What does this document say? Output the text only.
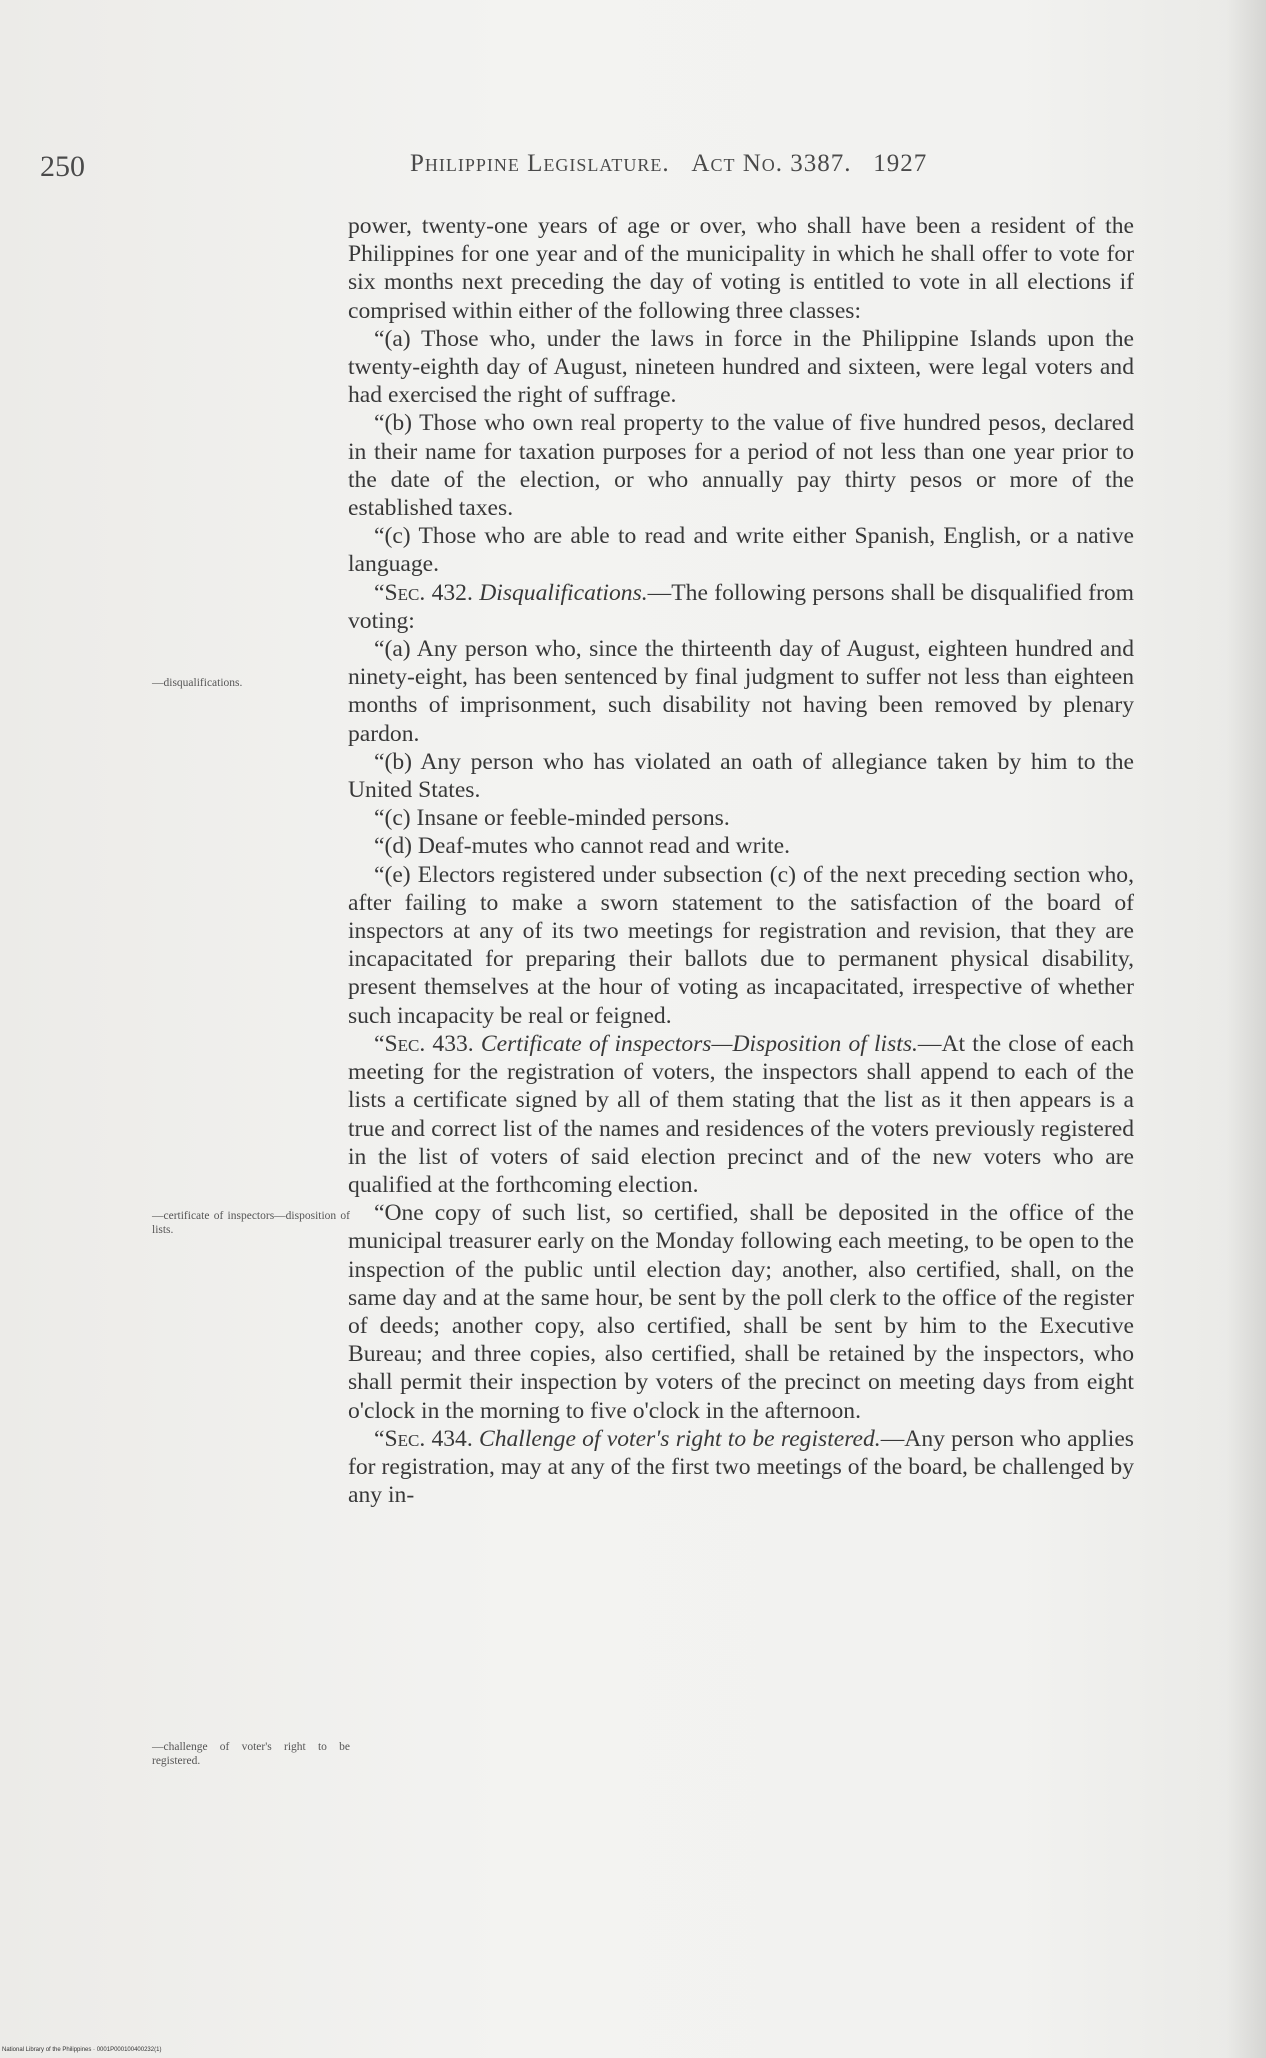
250	Philippine Legislature. Act No. 3387. 1927
—disqualifications.
—certificate of inspectors—disposition of lists.
—challenge of voter's right to be registered.

power, twenty-one years of age or over, who shall have been a resident of the Philippines for one year and of the municipality in which he shall offer to vote for six months next preceding the day of voting is entitled to vote in all elections if comprised within either of the following three classes:

“(a) Those who, under the laws in force in the Philippine Islands upon the twenty-eighth day of August, nineteen hundred and sixteen, were legal voters and had exercised the right of suffrage.

“(b) Those who own real property to the value of five hundred pesos, declared in their name for taxation purposes for a period of not less than one year prior to the date of the election, or who annually pay thirty pesos or more of the established taxes.

“(c) Those who are able to read and write either Spanish, English, or a native language.

“Sec. 432. Disqualifications.—The following persons shall be disqualified from voting:

“(a) Any person who, since the thirteenth day of August, eighteen hundred and ninety-eight, has been sentenced by final judgment to suffer not less than eighteen months of imprisonment, such disability not having been removed by plenary pardon.

“(b) Any person who has violated an oath of allegiance taken by him to the United States.

“(c) Insane or feeble-minded persons.

“(d) Deaf-mutes who cannot read and write.

“(e) Electors registered under subsection (c) of the next preceding section who, after failing to make a sworn statement to the satisfaction of the board of inspectors at any of its two meetings for registration and revision, that they are incapacitated for preparing their ballots due to permanent physical disability, present themselves at the hour of voting as incapacitated, irrespective of whether such incapacity be real or feigned.

“Sec. 433. Certificate of inspectors—Disposition of lists.—At the close of each meeting for the registration of voters, the inspectors shall append to each of the lists a certificate signed by all of them stating that the list as it then appears is a true and correct list of the names and residences of the voters previously registered in the list of voters of said election precinct and of the new voters who are qualified at the forthcoming election.

“One copy of such list, so certified, shall be deposited in the office of the municipal treasurer early on the Monday following each meeting, to be open to the inspection of the public until election day; another, also certified, shall, on the same day and at the same hour, be sent by the poll clerk to the office of the register of deeds; another copy, also certified, shall be sent by him to the Executive Bureau; and three copies, also certified, shall be retained by the inspectors, who shall permit their inspection by voters of the precinct on meeting days from eight o'clock in the morning to five o'clock in the afternoon.

“Sec. 434. Challenge of voter's right to be registered.—Any person who applies for registration, may at any of the first two meetings of the board, be challenged by any in-

National Library of the Philippines · 0001P000100400232(1)
